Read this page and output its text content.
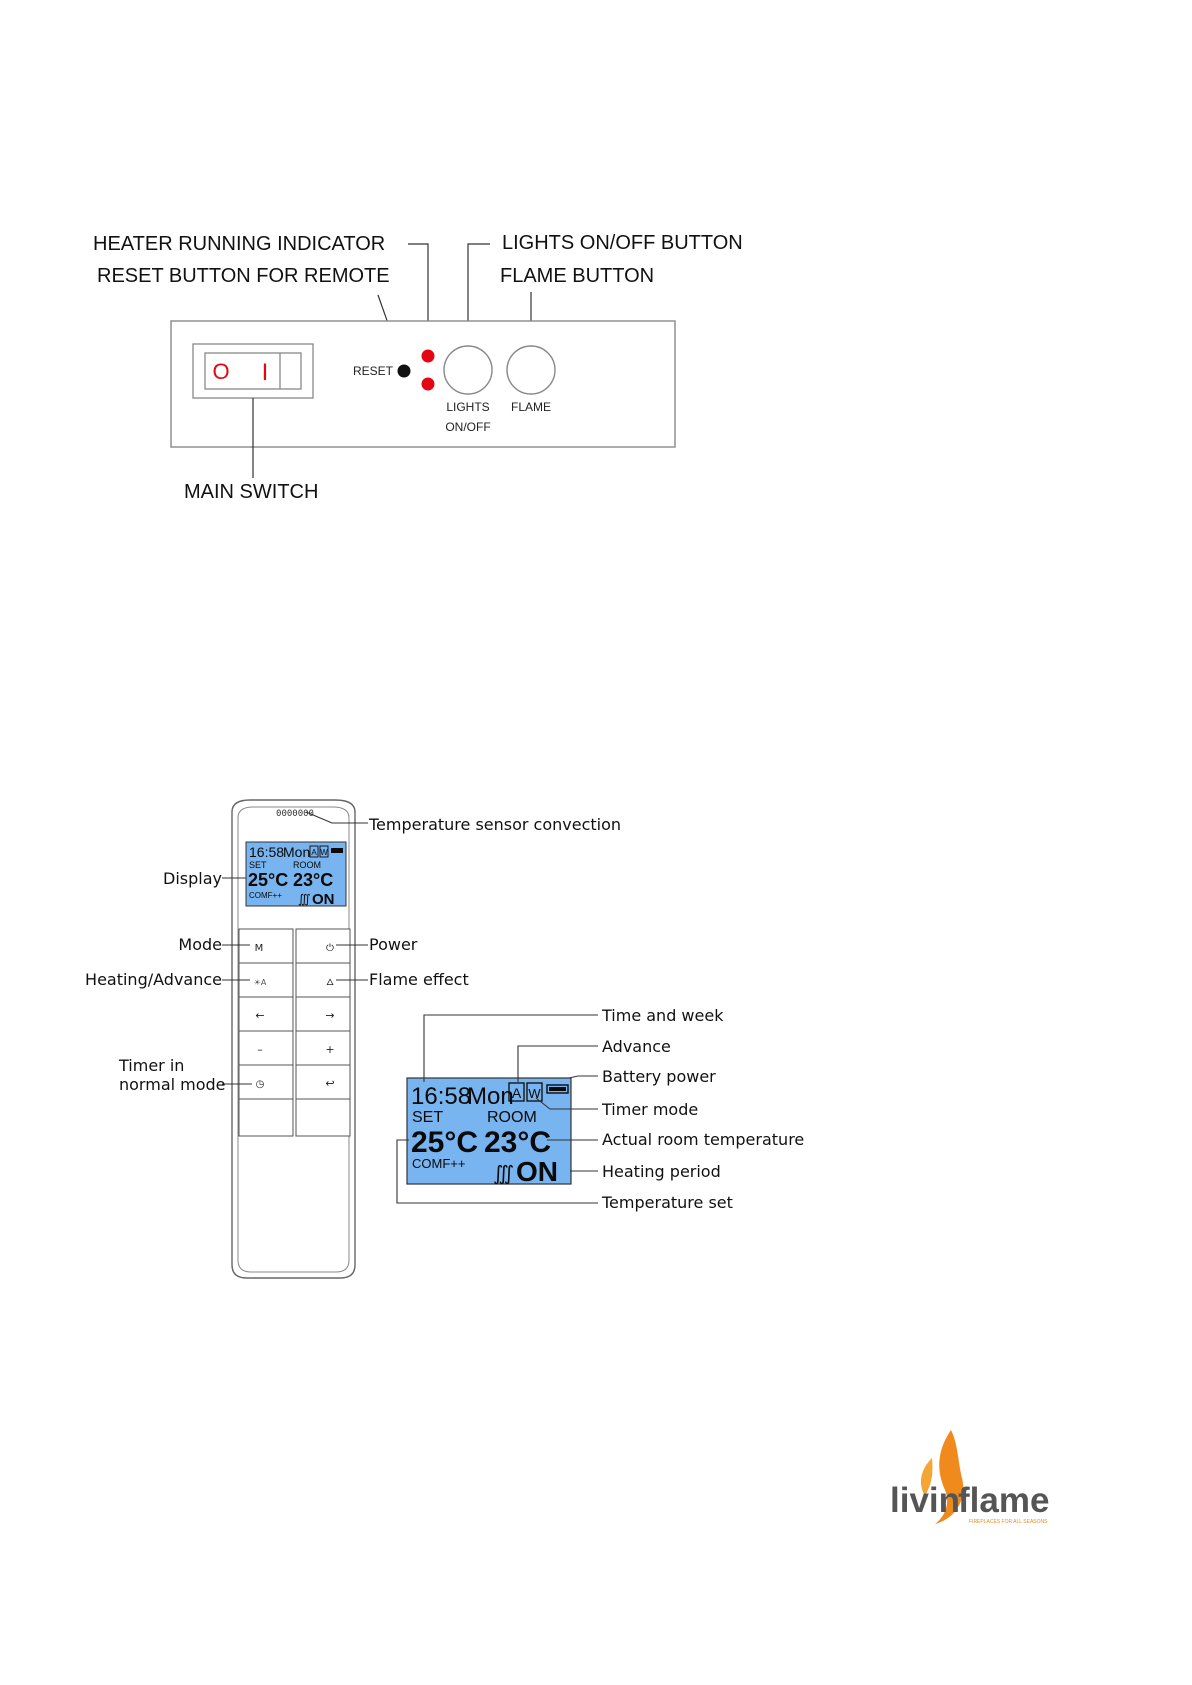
HEATER RUNNING INDICATOR
RESET BUTTON FOR REMOTE
LIGHTS ON/OFF BUTTON
FLAME BUTTON
O I
MAIN SWITCH
RESET
LIGHTS
ON/OFF
FLAME
0000000
16:58
Mon A W
SET	ROOM
25°C 23°C
COMF++ ∭ ON
M	⏻
☀A	🜂
←	→
–	+
◷	↩
Temperature sensor convection
Display
Mode	Power
Heating/Advance	Flame effect
Timer in
normal mode	16:58
Mon
A W
SET	ROOM
25°C 23°C
COMF++ ∭ ON
Time and week
Advance
Battery power
Timer mode
Actual room temperature
Heating period
Temperature set
livin
flame
FIREPLACES FOR ALL SEASONS
